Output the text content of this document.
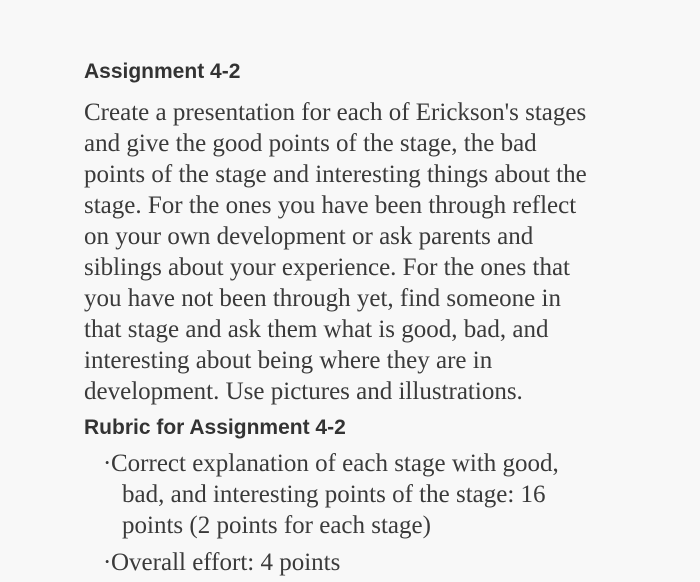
Assignment 4-2
Create a presentation for each of Erickson's stages
and give the good points of the stage, the bad
points of the stage and interesting things about the
stage. For the ones you have been through reflect
on your own development or ask parents and
siblings about your experience. For the ones that
you have not been through yet, find someone in
that stage and ask them what is good, bad, and
interesting about being where they are in
development. Use pictures and illustrations.
Rubric for Assignment 4-2
·Correct explanation of each stage with good,
bad, and interesting points of the stage: 16
points (2 points for each stage)
·Overall effort: 4 points
